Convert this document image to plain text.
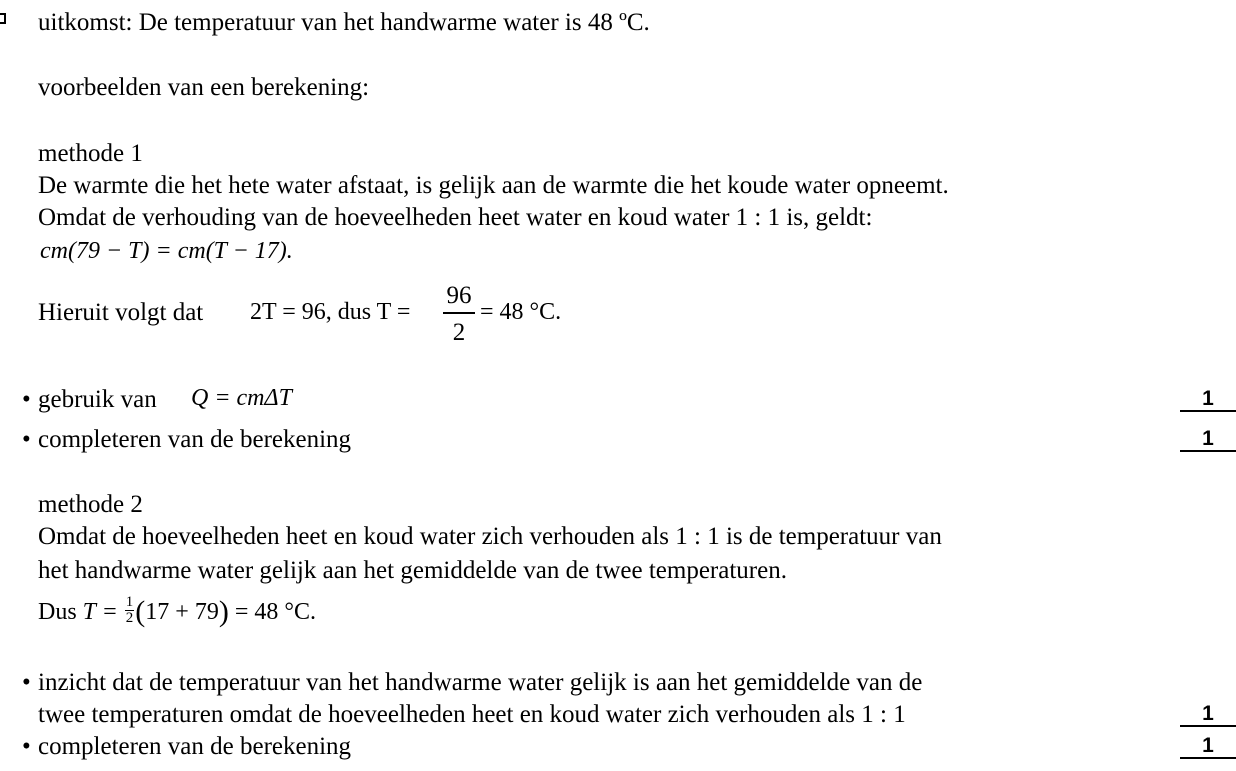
uitkomst: De temperatuur van het handwarme water is 48 ºC.
voorbeelden van een berekening:
methode 1
De warmte die het hete water afstaat, is gelijk aan de warmte die het koude water opneemt.
Omdat de verhouding van de hoeveelheden heet water en koud water 1 : 1 is, geldt:
cm(79 − T) = cm(T − 17).
Hieruit volgt dat 2T = 96, dus T =
96
2
= 48 °C.
• gebruik van Q = cmΔT	1
• completeren van de berekening	1
methode 2
Omdat de hoeveelheden heet en koud water zich verhouden als 1 : 1 is de temperatuur van
het handwarme water gelijk aan het gemiddelde van de twee temperaturen.
Dus $T = \frac{1}{2} (17 + 79) = 48$ °C.
• inzicht dat de temperatuur van het handwarme water gelijk is aan het gemiddelde van de
twee temperaturen omdat de hoeveelheden heet en koud water zich verhouden als 1 : 1	1
• completeren van de berekening	1
